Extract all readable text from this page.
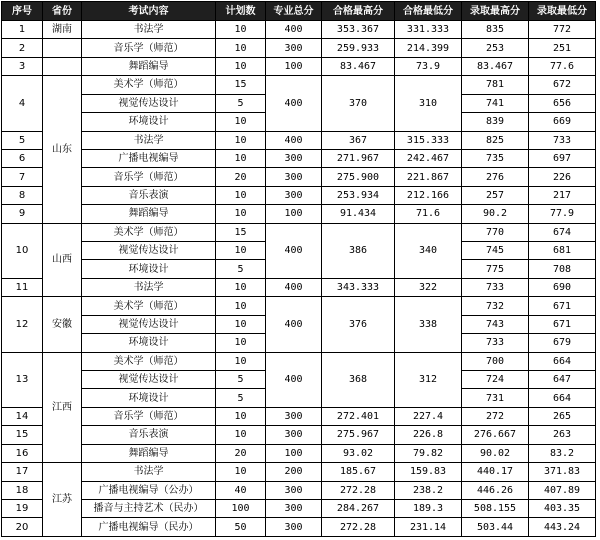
序号	省份	考试内容	计划数	专业总分	合格最高分	合格最低分	录取最高分	录取最低分
1	湖南	书法学	10	400	353.367	331.333	835	772
2		音乐学（师范）	10	300	259.933	214.399	253	251
3		舞蹈编导	10	100	83.467	73.9	83.467	77.6
4	山东	美术学（师范）	15	400	370	310	781	672
		视觉传达设计	5				741	656
		环境设计	10				839	669
5		书法学	10	400	367	315.333	825	733
6		广播电视编导	10	300	271.967	242.467	735	697
7		音乐学（师范）	20	300	275.900	221.867	276	226
8		音乐表演	10	300	253.934	212.166	257	217
9		舞蹈编导	10	100	91.434	71.6	90.2	77.9
10	山西	美术学（师范）	15	400	386	340	770	674
		视觉传达设计	10				745	681
		环境设计	5				775	708
11		书法学	10	400	343.333	322	733	690
12	安徽	美术学（师范）	10	400	376	338	732	671
		视觉传达设计	10				743	671
		环境设计	10				733	679
13	江西	美术学（师范）	10	400	368	312	700	664
		视觉传达设计	5				724	647
		环境设计	5				731	664
14		音乐学（师范）	10	300	272.401	227.4	272	265
15		音乐表演	10	300	275.967	226.8	276.667	263
16		舞蹈编导	20	100	93.02	79.82	90.02	83.2
17	江苏	书法学	10	200	185.67	159.83	440.17	371.83
18		广播电视编导（公办）	40	300	272.28	238.2	446.26	407.89
19		播音与主持艺术（民办）	100	300	284.267	189.3	508.155	403.35
20		广播电视编导（民办）	50	300	272.28	231.14	503.44	443.24
